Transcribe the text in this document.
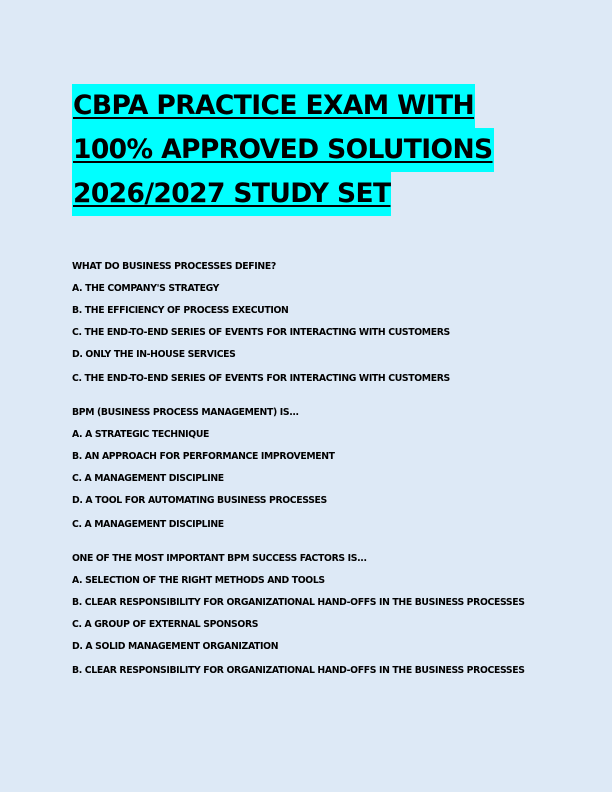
CBPA PRACTICE EXAM WITH
100% APPROVED SOLUTIONS
2026/2027 STUDY SET
WHAT DO BUSINESS PROCESSES DEFINE?
A. THE COMPANY'S STRATEGY
B. THE EFFICIENCY OF PROCESS EXECUTION
C. THE END-TO-END SERIES OF EVENTS FOR INTERACTING WITH CUSTOMERS
D. ONLY THE IN-HOUSE SERVICES
C. THE END-TO-END SERIES OF EVENTS FOR INTERACTING WITH CUSTOMERS
BPM (BUSINESS PROCESS MANAGEMENT) IS...
A. A STRATEGIC TECHNIQUE
B. AN APPROACH FOR PERFORMANCE IMPROVEMENT
C. A MANAGEMENT DISCIPLINE
D. A TOOL FOR AUTOMATING BUSINESS PROCESSES
C. A MANAGEMENT DISCIPLINE
ONE OF THE MOST IMPORTANT BPM SUCCESS FACTORS IS...
A. SELECTION OF THE RIGHT METHODS AND TOOLS
B. CLEAR RESPONSIBILITY FOR ORGANIZATIONAL HAND-OFFS IN THE BUSINESS PROCESSES
C. A GROUP OF EXTERNAL SPONSORS
D. A SOLID MANAGEMENT ORGANIZATION
B. CLEAR RESPONSIBILITY FOR ORGANIZATIONAL HAND-OFFS IN THE BUSINESS PROCESSES
